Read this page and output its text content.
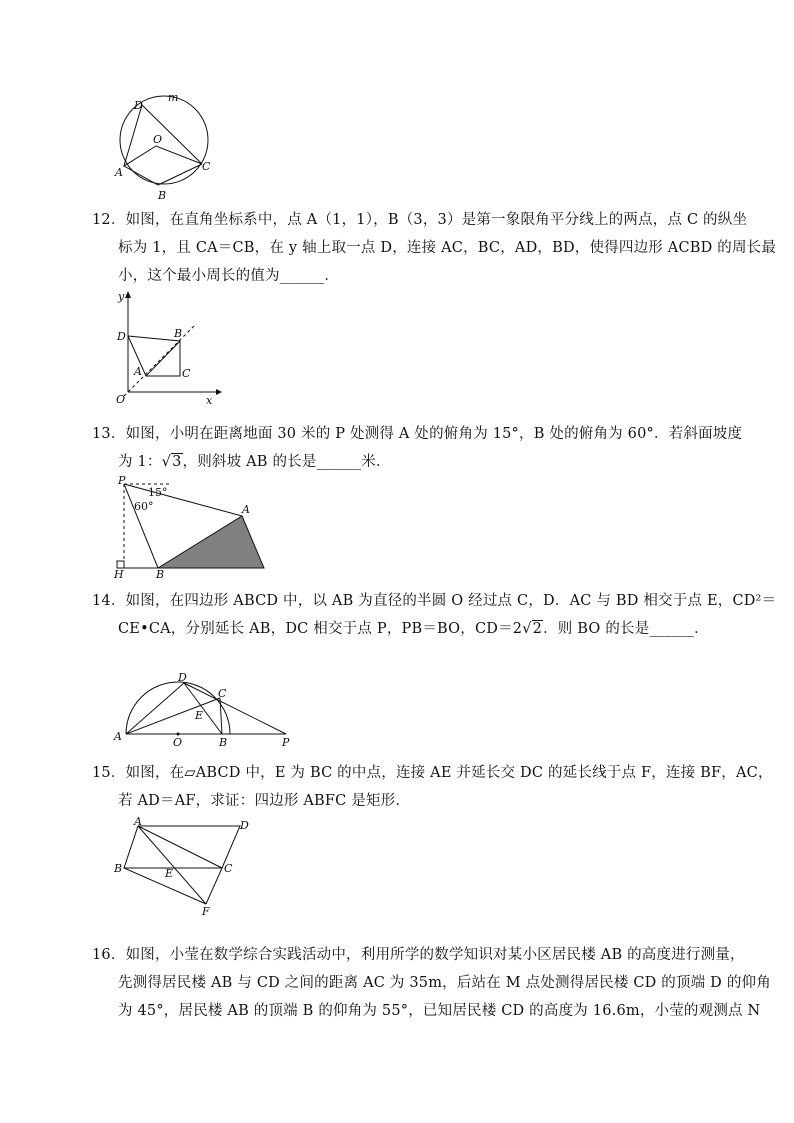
D
m
O
A	C
B
12．如图，在直角坐标系中，点 A（1，1），B（3，3）是第一象限角平分线上的两点，点 C 的纵坐
标为 1，且 CA＝CB，在 y 轴上取一点 D，连接 AC，BC，AD，BD，使得四边形 ACBD 的周长最
小，这个最小周长的值为______．
y
D	B
A	C
O	x
13．如图，小明在距离地面 30 米的 P 处测得 A 处的俯角为 15°，B 处的俯角为 60°．若斜面坡度
为 1：√3，则斜坡 AB 的长是______米．
P
15°
60°	A
H	B
14．如图，在四边形 ABCD 中，以 AB 为直径的半圆 O 经过点 C，D．AC 与 BD 相交于点 E，CD²＝
CE•CA，分别延长 AB，DC 相交于点 P，PB＝BO，CD＝2√2．则 BO 的长是______．
D
C
E
A	O	B	P
15．如图，在▱ABCD 中，E 为 BC 的中点，连接 AE 并延长交 DC 的延长线于点 F，连接 BF，AC，
若 AD＝AF，求证：四边形 ABFC 是矩形．
A	D
B	E	C
F
16．如图，小莹在数学综合实践活动中，利用所学的数学知识对某小区居民楼 AB 的高度进行测量，
先测得居民楼 AB 与 CD 之间的距离 AC 为 35m，后站在 M 点处测得居民楼 CD 的顶端 D 的仰角
为 45°，居民楼 AB 的顶端 B 的仰角为 55°，已知居民楼 CD 的高度为 16.6m，小莹的观测点 N
